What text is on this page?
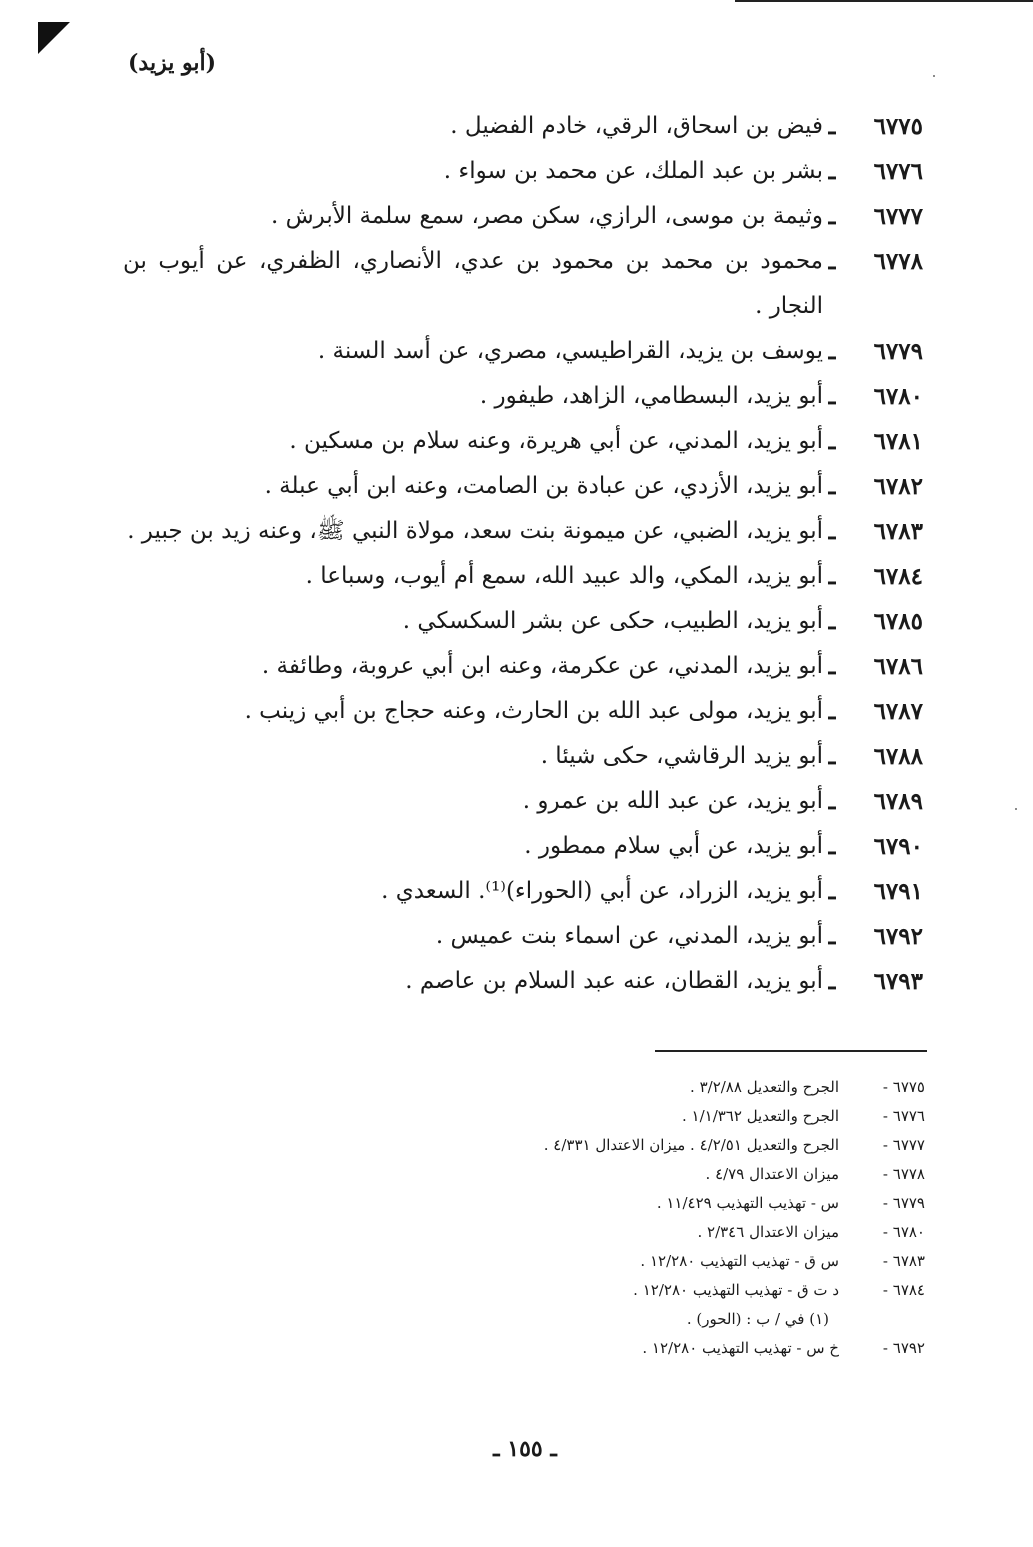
(أبو يزيد)
٦٧٧٥
ـ
فيض بن اسحاق، الرقي، خادم الفضيل .
٦٧٧٦
ـ
بشر بن عبد الملك، عن محمد بن سواء .
٦٧٧٧
ـ
وثيمة بن موسى، الرازي، سكن مصر، سمع سلمة الأبرش .
٦٧٧٨
ـ
محمود بن محمد بن محمود بن عدي، الأنصاري، الظفري، عن أيوب بن النجار .
٦٧٧٩
ـ
يوسف بن يزيد، القراطيسي، مصري، عن أسد السنة .
٦٧٨٠
ـ
أبو يزيد، البسطامي، الزاهد، طيفور .
٦٧٨١
ـ
أبو يزيد، المدني، عن أبي هريرة، وعنه سلام بن مسكين .
٦٧٨٢
ـ
أبو يزيد، الأزدي، عن عبادة بن الصامت، وعنه ابن أبي عبلة .
٦٧٨٣
ـ
أبو يزيد، الضبي، عن ميمونة بنت سعد، مولاة النبي ﷺ، وعنه زيد بن جبير .
٦٧٨٤
ـ
أبو يزيد، المكي، والد عبيد الله، سمع أم أيوب، وسباعا .
٦٧٨٥
ـ
أبو يزيد، الطبيب، حكى عن بشر السكسكي .
٦٧٨٦
ـ
أبو يزيد، المدني، عن عكرمة، وعنه ابن أبي عروبة، وطائفة .
٦٧٨٧
ـ
أبو يزيد، مولى عبد الله بن الحارث، وعنه حجاج بن أبي زينب .
٦٧٨٨
ـ
أبو يزيد الرقاشي، حكى شيئا .
٦٧٨٩
ـ
أبو يزيد، عن عبد الله بن عمرو .
٦٧٩٠
ـ
أبو يزيد، عن أبي سلام ممطور .
٦٧٩١
ـ
أبو يزيد، الزراد، عن أبي (الحوراء)⁽¹⁾. السعدي .
٦٧٩٢
ـ
أبو يزيد، المدني، عن اسماء بنت عميس .
٦٧٩٣
ـ
أبو يزيد، القطان، عنه عبد السلام بن عاصم .
٦٧٧٥ -
الجرح والتعديل ٣/٢/٨٨ .
٦٧٧٦ -
الجرح والتعديل ١/١/٣٦٢ .
٦٧٧٧ -
الجرح والتعديل ٤/٢/٥١ . ميزان الاعتدال ٤/٣٣١ .
٦٧٧٨ -
ميزان الاعتدال ٤/٧٩ .
٦٧٧٩ -
س - تهذيب التهذيب ١١/٤٢٩ .
٦٧٨٠ -
ميزان الاعتدال ٢/٣٤٦ .
٦٧٨٣ -
س ق - تهذيب التهذيب ١٢/٢٨٠ .
٦٧٨٤ -
د ت ق - تهذيب التهذيب ١٢/٢٨٠ .
(١) في / ب : (الحور) .
٦٧٩٢ -
خ س - تهذيب التهذيب ١٢/٢٨٠ .
ـ ١٥٥ ـ
